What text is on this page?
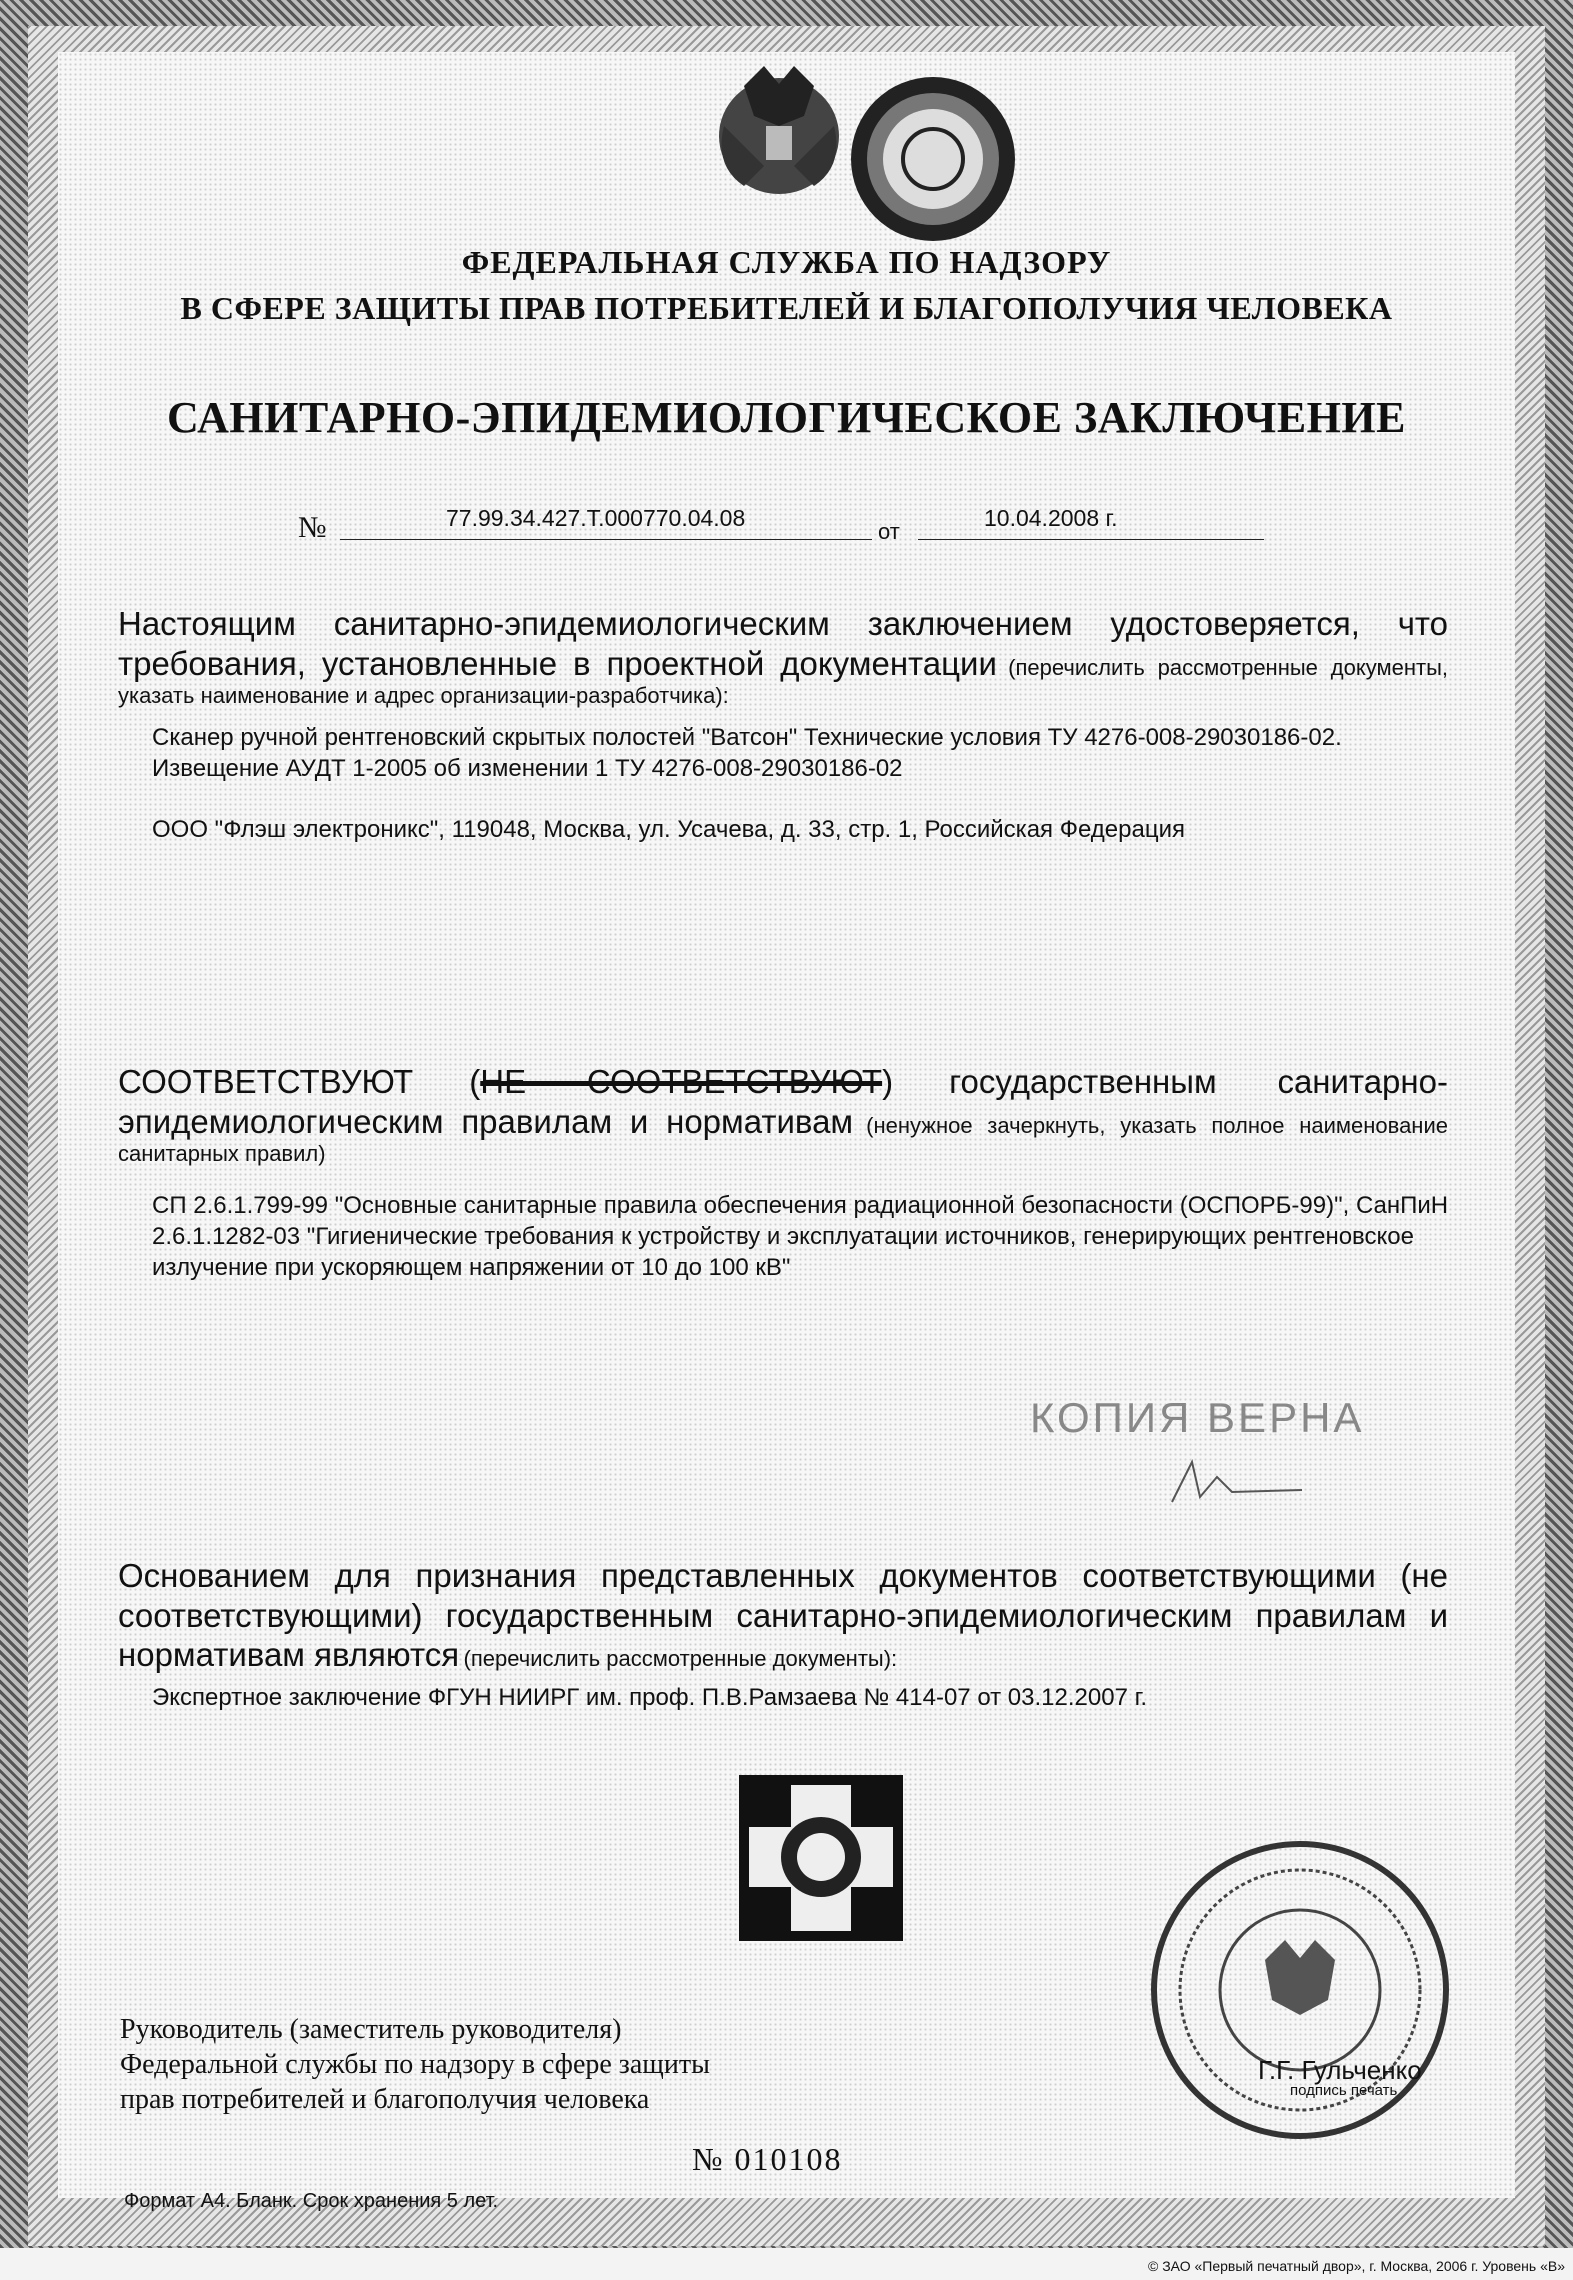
ФЕДЕРАЛЬНАЯ СЛУЖБА ПО НАДЗОРУ
В СФЕРЕ ЗАЩИТЫ ПРАВ ПОТРЕБИТЕЛЕЙ И БЛАГОПОЛУЧИЯ ЧЕЛОВЕКА
САНИТАРНО-ЭПИДЕМИОЛОГИЧЕСКОЕ ЗАКЛЮЧЕНИЕ
№	77.99.34.427.Т.000770.04.08
от
10.04.2008 г.
Настоящим санитарно-эпидемиологическим заключением удостоверяется, что требования, установленные в проектной документации (перечислить рассмотренные документы, указать наименование и адрес организации-разработчика):
Сканер ручной рентгеновский скрытых полостей "Ватсон" Технические условия ТУ 4276-008-29030186-02. Извещение АУДТ 1-2005 об изменении 1 ТУ 4276-008-29030186-02
ООО "Флэш электроникс", 119048, Москва, ул. Усачева, д. 33, стр. 1, Российская Федерация
СООТВЕТСТВУЮТ (НЕ СООТВЕТСТВУЮТ) государственным санитарно-эпидемиологическим правилам и нормативам (ненужное зачеркнуть, указать полное наименование санитарных правил)
СП 2.6.1.799-99 "Основные санитарные правила обеспечения радиационной безопасности (ОСПОРБ-99)", СанПиН 2.6.1.1282-03 "Гигиенические требования к устройству и эксплуатации источников, генерирующих рентгеновское излучение при ускоряющем напряжении от 10 до 100 кВ"
КОПИЯ ВЕРНА
Основанием для признания представленных документов соответствующими (не соответствующими) государственным санитарно-эпидемиологическим правилам и нормативам являются (перечислить рассмотренные документы):
Экспертное заключение ФГУН НИИРГ им. проф. П.В.Рамзаева № 414-07 от 03.12.2007 г.
Руководитель (заместитель руководителя)
Федеральной службы по надзору в сфере защиты
прав потребителей и благополучия человека
Г.Г. Гульченко
подпись печать
№ 010108
Формат А4. Бланк. Срок хранения 5 лет.
© ЗАО «Первый печатный двор», г. Москва, 2006 г. Уровень «В»
